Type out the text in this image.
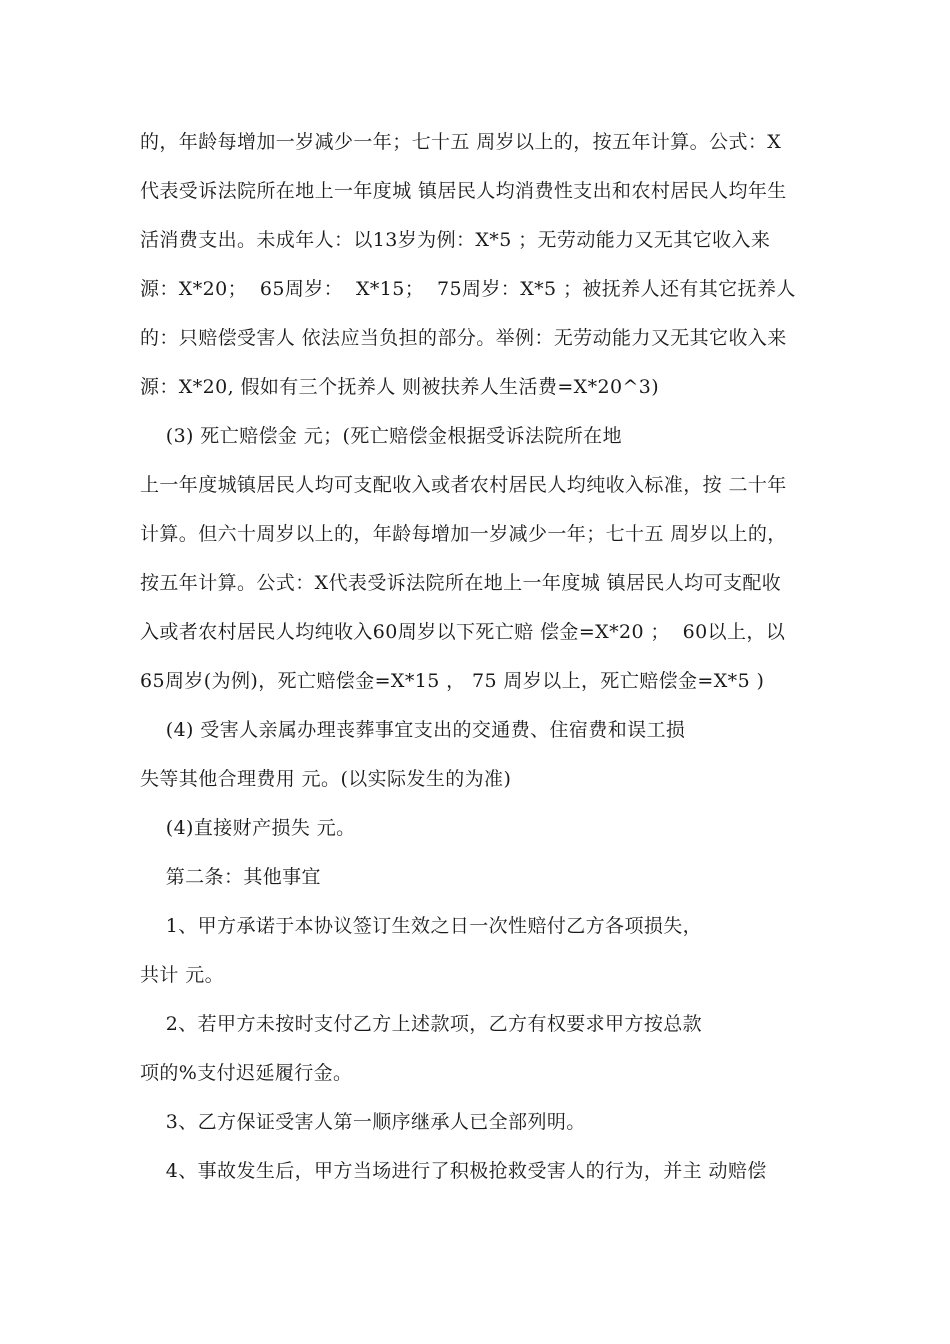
的，年龄每增加一岁减少一年；七十五 周岁以上的，按五年计算。公式：X
代表受诉法院所在地上一年度城 镇居民人均消费性支出和农村居民人均年生
活消费支出。未成年人：以13岁为例：X*5 ；无劳动能力又无其它收入来
源：X*20；  65周岁：  X*15；  75周岁：X*5 ；被抚养人还有其它抚养人
的：只赔偿受害人 依法应当负担的部分。举例：无劳动能力又无其它收入来
源：X*20, 假如有三个抚养人 则被扶养人生活费=X*20^3)
(3) 死亡赔偿金 元；(死亡赔偿金根据受诉法院所在地
上一年度城镇居民人均可支配收入或者农村居民人均纯收入标准，按 二十年
计算。但六十周岁以上的，年龄每增加一岁减少一年；七十五 周岁以上的，
按五年计算。公式：X代表受诉法院所在地上一年度城 镇居民人均可支配收
入或者农村居民人均纯收入60周岁以下死亡赔 偿金=X*20 ；  60以上，以
65周岁(为例)，死亡赔偿金=X*15 ， 75 周岁以上，死亡赔偿金=X*5 )
(4) 受害人亲属办理丧葬事宜支出的交通费、住宿费和误工损
失等其他合理费用 元。(以实际发生的为准)
(4)直接财产损失 元。
第二条：其他事宜
1、甲方承诺于本协议签订生效之日一次性赔付乙方各项损失，
共计 元。
2、若甲方未按时支付乙方上述款项，乙方有权要求甲方按总款
项的%支付迟延履行金。
3、乙方保证受害人第一顺序继承人已全部列明。
4、事故发生后，甲方当场进行了积极抢救受害人的行为，并主 动赔偿
